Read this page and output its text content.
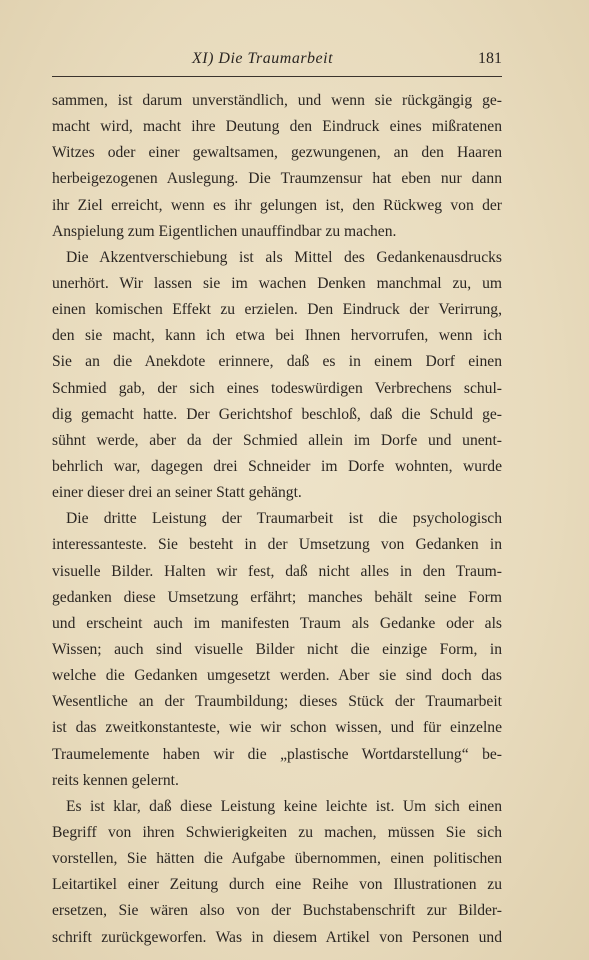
XI) Die Traumarbeit	181
sammen, ist darum unverständlich, und wenn sie rückgängig ge-
macht wird, macht ihre Deutung den Eindruck eines mißratenen
Witzes oder einer gewaltsamen, gezwungenen, an den Haaren
herbeigezogenen Auslegung. Die Traumzensur hat eben nur dann
ihr Ziel erreicht, wenn es ihr gelungen ist, den Rückweg von der
Anspielung zum Eigentlichen unauffindbar zu machen.
Die Akzentverschiebung ist als Mittel des Gedankenausdrucks
unerhört. Wir lassen sie im wachen Denken manchmal zu, um
einen komischen Effekt zu erzielen. Den Eindruck der Verirrung,
den sie macht, kann ich etwa bei Ihnen hervorrufen, wenn ich
Sie an die Anekdote erinnere, daß es in einem Dorf einen
Schmied gab, der sich eines todeswürdigen Verbrechens schul-
dig gemacht hatte. Der Gerichtshof beschloß, daß die Schuld ge-
sühnt werde, aber da der Schmied allein im Dorfe und unent-
behrlich war, dagegen drei Schneider im Dorfe wohnten, wurde
einer dieser drei an seiner Statt gehängt.
Die dritte Leistung der Traumarbeit ist die psychologisch
interessanteste. Sie besteht in der Umsetzung von Gedanken in
visuelle Bilder. Halten wir fest, daß nicht alles in den Traum-
gedanken diese Umsetzung erfährt; manches behält seine Form
und erscheint auch im manifesten Traum als Gedanke oder als
Wissen; auch sind visuelle Bilder nicht die einzige Form, in
welche die Gedanken umgesetzt werden. Aber sie sind doch das
Wesentliche an der Traumbildung; dieses Stück der Traumarbeit
ist das zweitkonstanteste, wie wir schon wissen, und für einzelne
Traumelemente haben wir die „plastische Wortdarstellung“ be-
reits kennen gelernt.
Es ist klar, daß diese Leistung keine leichte ist. Um sich einen
Begriff von ihren Schwierigkeiten zu machen, müssen Sie sich
vorstellen, Sie hätten die Aufgabe übernommen, einen politischen
Leitartikel einer Zeitung durch eine Reihe von Illustrationen zu
ersetzen, Sie wären also von der Buchstabenschrift zur Bilder-
schrift zurückgeworfen. Was in diesem Artikel von Personen und
